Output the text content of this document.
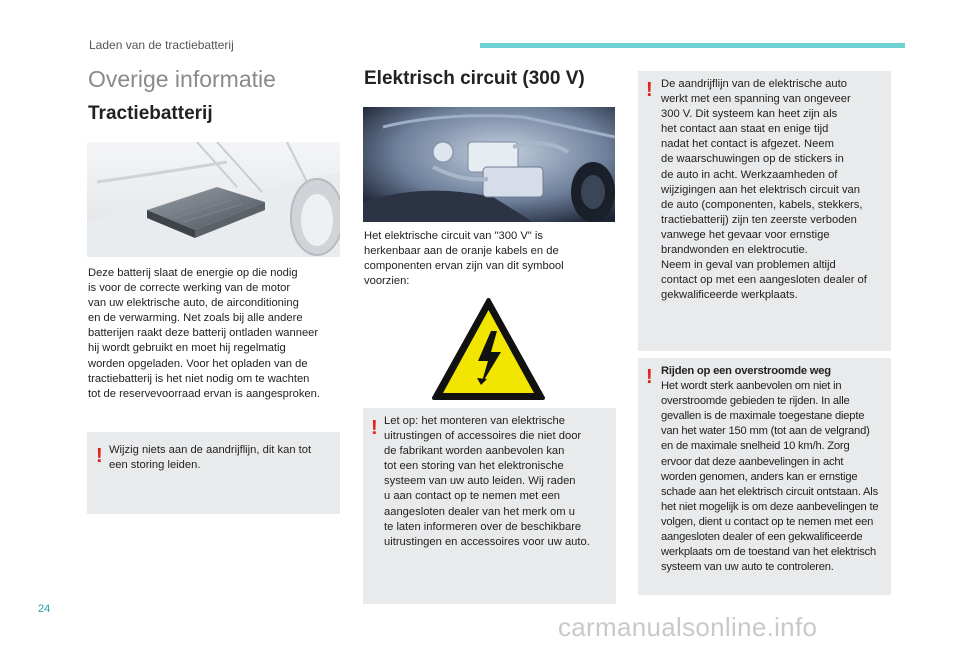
Laden van de tractiebatterij
Overige informatie
Tractiebatterij
Deze batterij slaat de energie op die nodig
is voor de correcte werking van de motor
van uw elektrische auto, de airconditioning
en de verwarming. Net zoals bij alle andere
batterijen raakt deze batterij ontladen wanneer
hij wordt gebruikt en moet hij regelmatig
worden opgeladen. Voor het opladen van de
tractiebatterij is het niet nodig om te wachten
tot de reservevoorraad ervan is aangesproken.
! Wijzig niets aan de aandrijflijn, dit kan tot
een storing leiden.
Elektrisch circuit (300 V)
Het elektrische circuit van "300 V" is
herkenbaar aan de oranje kabels en de
componenten ervan zijn van dit symbool
voorzien:
! Let op: het monteren van elektrische
uitrustingen of accessoires die niet door
de fabrikant worden aanbevolen kan
tot een storing van het elektronische
systeem van uw auto leiden. Wij raden
u aan contact op te nemen met een
aangesloten dealer van het merk om u
te laten informeren over de beschikbare
uitrustingen en accessoires voor uw auto.
! De aandrijflijn van de elektrische auto
werkt met een spanning van ongeveer
300 V. Dit systeem kan heet zijn als
het contact aan staat en enige tijd
nadat het contact is afgezet. Neem
de waarschuwingen op de stickers in
de auto in acht. Werkzaamheden of
wijzigingen aan het elektrisch circuit van
de auto (componenten, kabels, stekkers,
tractiebatterij) zijn ten zeerste verboden
vanwege het gevaar voor ernstige
brandwonden en elektrocutie.
Neem in geval van problemen altijd
contact op met een aangesloten dealer of
gekwalificeerde werkplaats.
! Rijden op een overstroomde weg
Het wordt sterk aanbevolen om niet in
overstroomde gebieden te rijden. In alle
gevallen is de maximale toegestane diepte
van het water 150 mm (tot aan de velgrand)
en de maximale snelheid 10 km/h. Zorg
ervoor dat deze aanbevelingen in acht
worden genomen, anders kan er ernstige
schade aan het elektrisch circuit ontstaan. Als
het niet mogelijk is om deze aanbevelingen te
volgen, dient u contact op te nemen met een
aangesloten dealer of een gekwalificeerde
werkplaats om de toestand van het elektrisch
systeem van uw auto te controleren.
24
carmanualsonline.info
